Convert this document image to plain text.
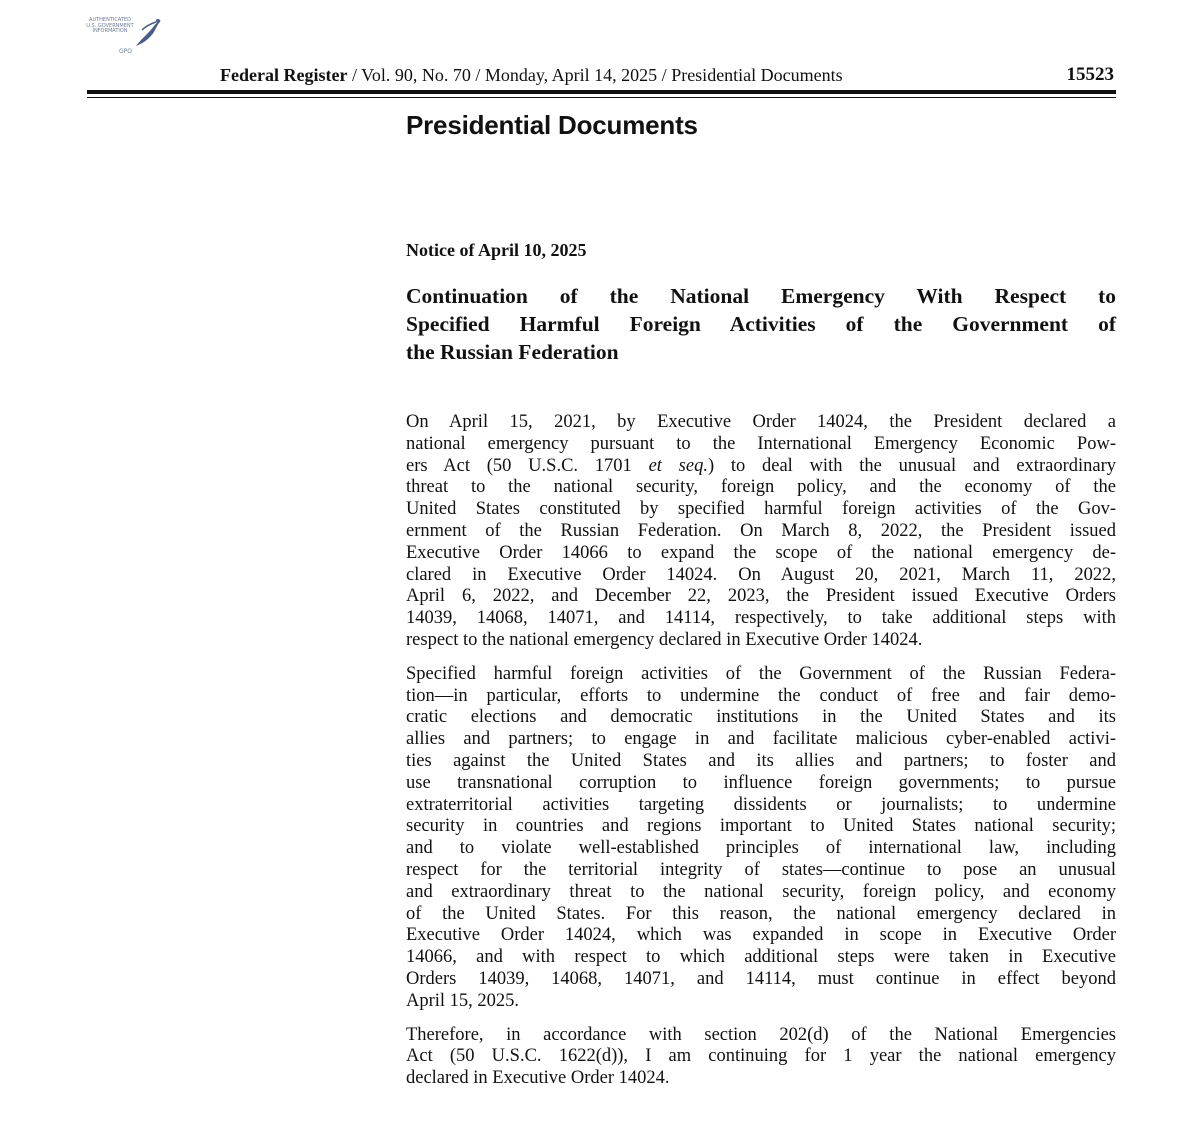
AUTHENTICATED
U.S. GOVERNMENT
INFORMATION
GPO
Federal Register / Vol. 90, No. 70 / Monday, April 14, 2025 / Presidential Documents	15523
Presidential Documents
Notice of April 10, 2025
Continuation of the National Emergency With Respect to
Specified Harmful Foreign Activities of the Government of
the Russian Federation
On April 15, 2021, by Executive Order 14024, the President declared a
national emergency pursuant to the International Emergency Economic Pow-
ers Act (50 U.S.C. 1701 et seq.) to deal with the unusual and extraordinary
threat to the national security, foreign policy, and the economy of the
United States constituted by specified harmful foreign activities of the Gov-
ernment of the Russian Federation. On March 8, 2022, the President issued
Executive Order 14066 to expand the scope of the national emergency de-
clared in Executive Order 14024. On August 20, 2021, March 11, 2022,
April 6, 2022, and December 22, 2023, the President issued Executive Orders
14039, 14068, 14071, and 14114, respectively, to take additional steps with
respect to the national emergency declared in Executive Order 14024.
Specified harmful foreign activities of the Government of the Russian Federa-
tion—in particular, efforts to undermine the conduct of free and fair demo-
cratic elections and democratic institutions in the United States and its
allies and partners; to engage in and facilitate malicious cyber-enabled activi-
ties against the United States and its allies and partners; to foster and
use transnational corruption to influence foreign governments; to pursue
extraterritorial activities targeting dissidents or journalists; to undermine
security in countries and regions important to United States national security;
and to violate well-established principles of international law, including
respect for the territorial integrity of states—continue to pose an unusual
and extraordinary threat to the national security, foreign policy, and economy
of the United States. For this reason, the national emergency declared in
Executive Order 14024, which was expanded in scope in Executive Order
14066, and with respect to which additional steps were taken in Executive
Orders 14039, 14068, 14071, and 14114, must continue in effect beyond
April 15, 2025.
Therefore, in accordance with section 202(d) of the National Emergencies
Act (50 U.S.C. 1622(d)), I am continuing for 1 year the national emergency
declared in Executive Order 14024.
